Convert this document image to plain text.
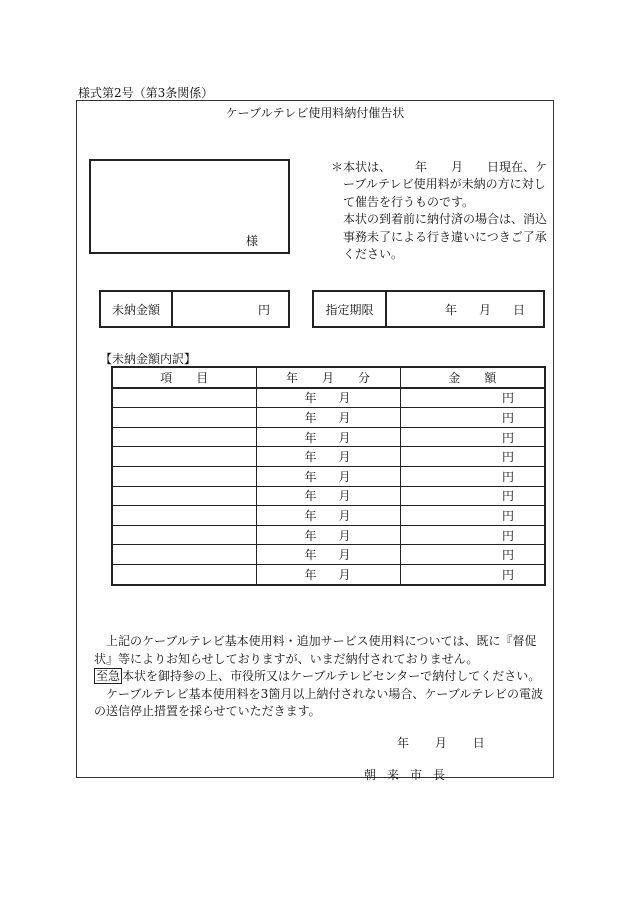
様式第2号（第3条関係）
ケーブルテレビ使用料納付催告状
様
＊ 本状は、 年 月 日現在、ケーブルテレビ使用料が未納の方に対して催告を行うものです。
本状の到着前に納付済の場合は、消込事務未了による行き違いにつきご了承ください。
未納金額	円	指定期限	年 月 日
【未納金額内訳】
項　　目	年　　月　　分	金　　額
	年 月	円
	年 月	円
	年 月	円
	年 月	円
	年 月	円
	年 月	円
	年 月	円
	年 月	円
	年 月	円
	年 月	円

上記のケーブルテレビ基本使用料・追加サービス使用料については、既に『督促状』等によりお知らせしておりますが、いまだ納付されておりません。

至急 本状を御持参の上、市役所又はケーブルテレビセンターで納付してください。

ケーブルテレビ基本使用料を3箇月以上納付されない場合、ケーブルテレビの電波の送信停止措置を採らせていただきます。

年 月 日
朝来市長
